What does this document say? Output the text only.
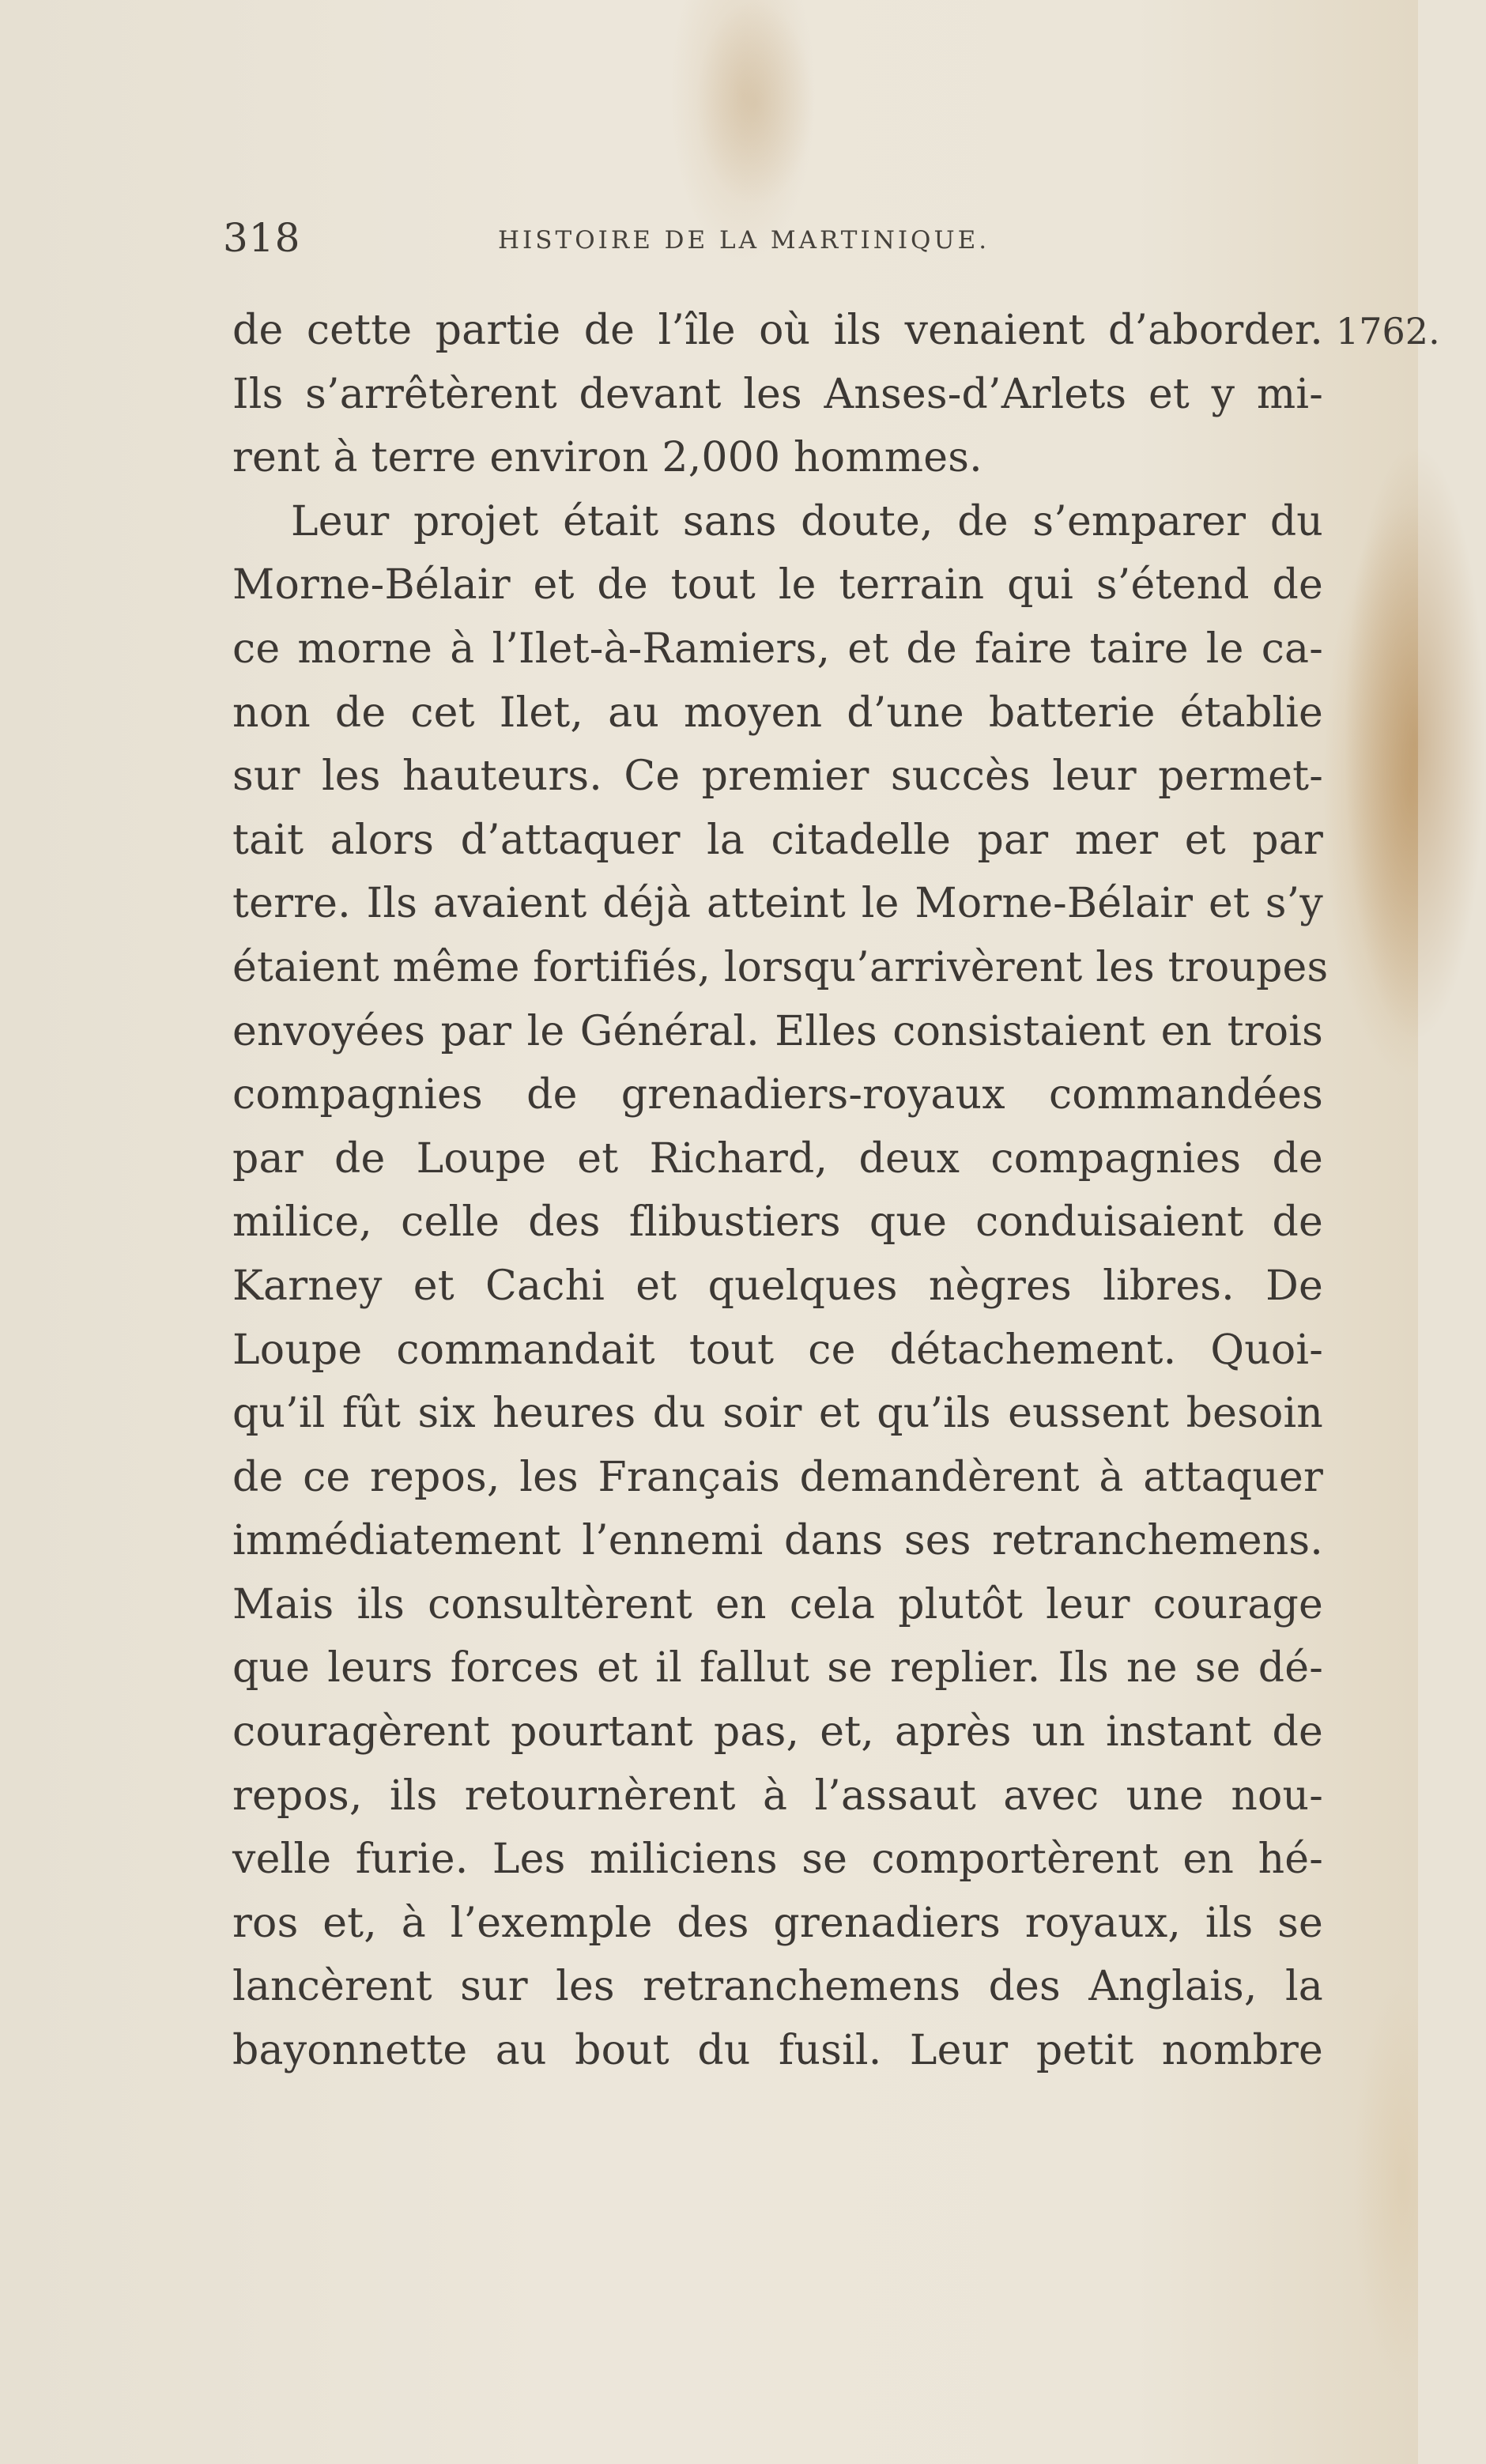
318	HISTOIRE DE LA MARTINIQUE.
1762.
de cette partie de l’île où ils venaient d’aborder.
Ils s’arrêtèrent devant les Anses-d’Arlets et y mi-
rent à terre environ 2,000 hommes.
Leur projet était sans doute, de s’emparer du
Morne-Bélair et de tout le terrain qui s’étend de
ce morne à l’Ilet-à-Ramiers, et de faire taire le ca-
non de cet Ilet, au moyen d’une batterie établie
sur les hauteurs. Ce premier succès leur permet-
tait alors d’attaquer la citadelle par mer et par
terre. Ils avaient déjà atteint le Morne-Bélair et s’y
étaient même fortifiés, lorsqu’arrivèrent les troupes
envoyées par le Général. Elles consistaient en trois
compagnies de grenadiers-royaux commandées
par de Loupe et Richard, deux compagnies de
milice, celle des flibustiers que conduisaient de
Karney et Cachi et quelques nègres libres. De
Loupe commandait tout ce détachement. Quoi-
qu’il fût six heures du soir et qu’ils eussent besoin
de ce repos, les Français demandèrent à attaquer
immédiatement l’ennemi dans ses retranchemens.
Mais ils consultèrent en cela plutôt leur courage
que leurs forces et il fallut se replier. Ils ne se dé-
couragèrent pourtant pas, et, après un instant de
repos, ils retournèrent à l’assaut avec une nou-
velle furie. Les miliciens se comportèrent en hé-
ros et, à l’exemple des grenadiers royaux, ils se
lancèrent sur les retranchemens des Anglais, la
bayonnette au bout du fusil. Leur petit nombre
